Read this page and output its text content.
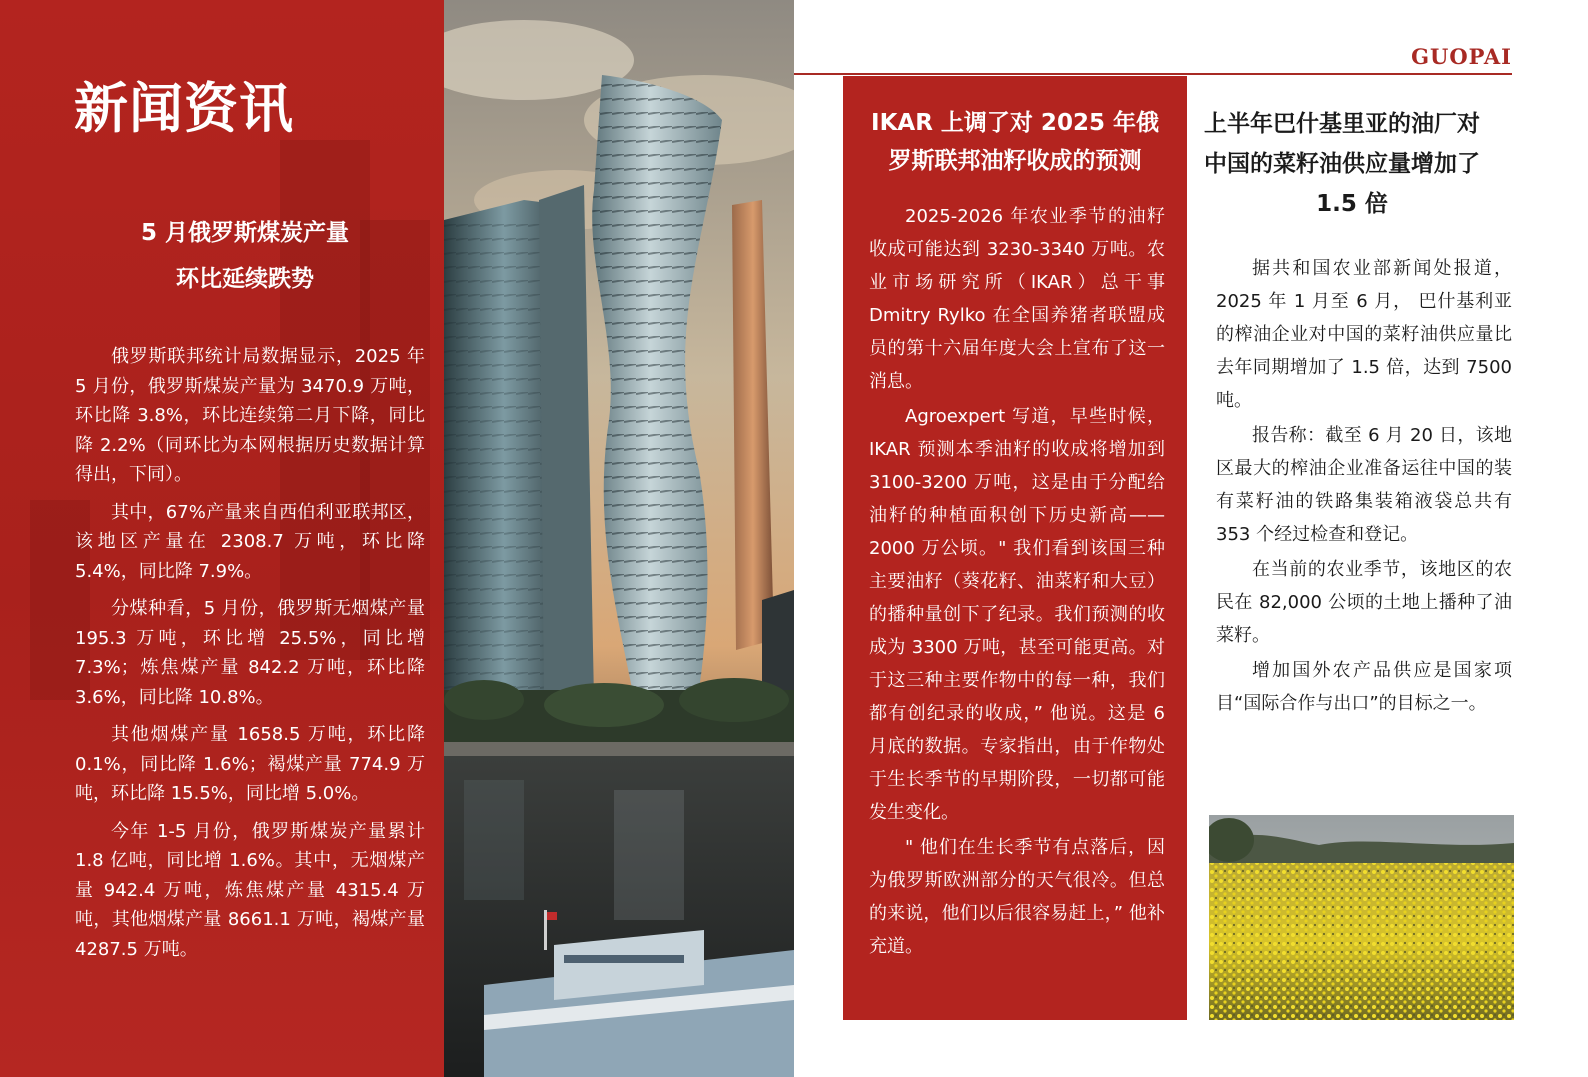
新闻资讯
5 月俄罗斯煤炭产量
环比延续跌势

俄罗斯联邦统计局数据显示，2025 年 5 月份，俄罗斯煤炭产量为 3470.9 万吨，环比降 3.8%，环比连续第二月下降，同比降 2.2%（同环比为本网根据历史数据计算得出，下同）。

其中，67%产量来自西伯利亚联邦区，该地区产量在 2308.7 万吨，环比降 5.4%，同比降 7.9%。

分煤种看，5 月份，俄罗斯无烟煤产量 195.3 万吨，环比增 25.5%，同比增 7.3%；炼焦煤产量 842.2 万吨，环比降 3.6%，同比降 10.8%。

其他烟煤产量 1658.5 万吨，环比降 0.1%，同比降 1.6%；褐煤产量 774.9 万吨，环比降 15.5%，同比增 5.0%。

今年 1-5 月份，俄罗斯煤炭产量累计 1.8 亿吨，同比增 1.6%。其中，无烟煤产量 942.4 万吨，炼焦煤产量 4315.4 万吨，其他烟煤产量 8661.1 万吨，褐煤产量 4287.5 万吨。

GUOPAI
IKAR 上调了对 2025 年俄
罗斯联邦油籽收成的预测

2025-2026 年农业季节的油籽收成可能达到 3230-3340 万吨。农业市场研究所（IKAR）总干事 Dmitry Rylko 在全国养猪者联盟成员的第十六届年度大会上宣布了这一消息。

Agroexpert 写道，早些时候，IKAR 预测本季油籽的收成将增加到 3100-3200 万吨，这是由于分配给油籽的种植面积创下历史新高—— 2000 万公顷。" 我们看到该国三种主要油籽（葵花籽、油菜籽和大豆）的播种量创下了纪录。我们预测的收成为 3300 万吨，甚至可能更高。对于这三种主要作物中的每一种，我们都有创纪录的收成，” 他说。这是 6 月底的数据。专家指出，由于作物处于生长季节的早期阶段，一切都可能发生变化。

" 他们在生长季节有点落后，因为俄罗斯欧洲部分的天气很冷。但总的来说，他们以后很容易赶上，” 他补充道。

上半年巴什基里亚的油厂对
中国的菜籽油供应量增加了
1.5 倍

据共和国农业部新闻处报道，2025 年 1 月至 6 月， 巴什基利亚的榨油企业对中国的菜籽油供应量比去年同期增加了 1.5 倍，达到 7500 吨。

报告称：截至 6 月 20 日，该地区最大的榨油企业准备运往中国的装有菜籽油的铁路集装箱液袋总共有 353 个经过检查和登记。

在当前的农业季节，该地区的农民在 82,000 公顷的土地上播种了油菜籽。

增加国外农产品供应是国家项目“国际合作与出口”的目标之一。
